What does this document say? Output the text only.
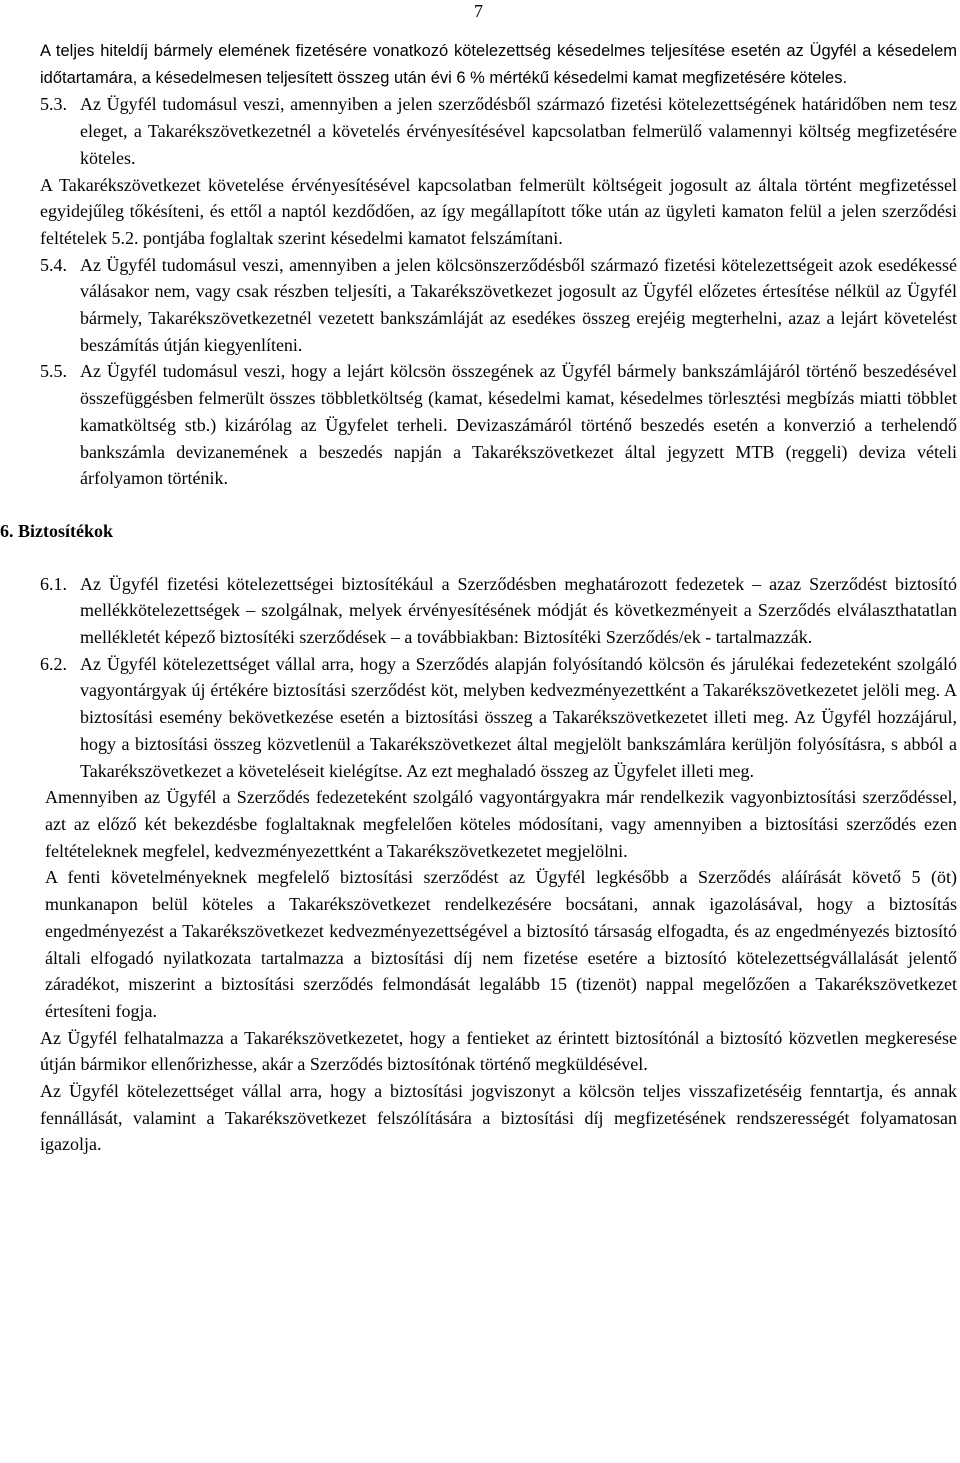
7

A teljes hiteldíj bármely elemének fizetésére vonatkozó kötelezettség késedelmes teljesítése esetén az Ügyfél a késedelem időtartamára, a késedelmesen teljesített összeg után évi 6 % mértékű késedelmi kamat megfizetésére köteles.

5.3. Az Ügyfél tudomásul veszi, amennyiben a jelen szerződésből származó fizetési kötelezettségének határidőben nem tesz eleget, a Takarékszövetkezetnél a követelés érvényesítésével kapcsolatban felmerülő valamennyi költség megfizetésére köteles.

A Takarékszövetkezet követelése érvényesítésével kapcsolatban felmerült költségeit jogosult az általa történt megfizetéssel egyidejűleg tőkésíteni, és ettől a naptól kezdődően, az így megállapított tőke után az ügyleti kamaton felül a jelen szerződési feltételek 5.2. pontjába foglaltak szerint késedelmi kamatot felszámítani.

5.4. Az Ügyfél tudomásul veszi, amennyiben a jelen kölcsönszerződésből származó fizetési kötelezettségeit azok esedékessé válásakor nem, vagy csak részben teljesíti, a Takarékszövetkezet jogosult az Ügyfél előzetes értesítése nélkül az Ügyfél bármely, Takarékszövetkezetnél vezetett bankszámláját az esedékes összeg erejéig megterhelni, azaz a lejárt követelést beszámítás útján kiegyenlíteni.

5.5. Az Ügyfél tudomásul veszi, hogy a lejárt kölcsön összegének az Ügyfél bármely bankszámlájáról történő beszedésével összefüggésben felmerült összes többletköltség (kamat, késedelmi kamat, késedelmes törlesztési megbízás miatti többlet kamatköltség stb.) kizárólag az Ügyfelet terheli. Devizaszámáról történő beszedés esetén a konverzió a terhelendő bankszámla devizanemének a beszedés napján a Takarékszövetkezet által jegyzett MTB (reggeli) deviza vételi árfolyamon történik.

6. Biztosítékok

6.1. Az Ügyfél fizetési kötelezettségei biztosítékául a Szerződésben meghatározott fedezetek – azaz Szerződést biztosító mellékkötelezettségek – szolgálnak, melyek érvényesítésének módját és következményeit a Szerződés elválaszthatatlan mellékletét képező biztosítéki szerződések – a továbbiakban: Biztosítéki Szerződés/ek - tartalmazzák.

6.2. Az Ügyfél kötelezettséget vállal arra, hogy a Szerződés alapján folyósítandó kölcsön és járulékai fedezeteként szolgáló vagyontárgyak új értékére biztosítási szerződést köt, melyben kedvezményezettként a Takarékszövetkezetet jelöli meg. A biztosítási esemény bekövetkezése esetén a biztosítási összeg a Takarékszövetkezetet illeti meg. Az Ügyfél hozzájárul, hogy a biztosítási összeg közvetlenül a Takarékszövetkezet által megjelölt bankszámlára kerüljön folyósításra, s abból a Takarékszövetkezet a követeléseit kielégítse. Az ezt meghaladó összeg az Ügyfelet illeti meg.

Amennyiben az Ügyfél a Szerződés fedezeteként szolgáló vagyontárgyakra már rendelkezik vagyonbiztosítási szerződéssel, azt az előző két bekezdésbe foglaltaknak megfelelően köteles módosítani, vagy amennyiben a biztosítási szerződés ezen feltételeknek megfelel, kedvezményezettként a Takarékszövetkezetet megjelölni.

A fenti követelményeknek megfelelő biztosítási szerződést az Ügyfél legkésőbb a Szerződés aláírását követő 5 (öt) munkanapon belül köteles a Takarékszövetkezet rendelkezésére bocsátani, annak igazolásával, hogy a biztosítás engedményezést a Takarékszövetkezet kedvezményezettségével a biztosító társaság elfogadta, és az engedményezés biztosító általi elfogadó nyilatkozata tartalmazza a biztosítási díj nem fizetése esetére a biztosító kötelezettségvállalását jelentő záradékot, miszerint a biztosítási szerződés felmondását legalább 15 (tizenöt) nappal megelőzően a Takarékszövetkezet értesíteni fogja.

Az Ügyfél felhatalmazza a Takarékszövetkezetet, hogy a fentieket az érintett biztosítónál a biztosító közvetlen megkeresése útján bármikor ellenőrizhesse, akár a Szerződés biztosítónak történő megküldésével.

Az Ügyfél kötelezettséget vállal arra, hogy a biztosítási jogviszonyt a kölcsön teljes visszafizetéséig fenntartja, és annak fennállását, valamint a Takarékszövetkezet felszólítására a biztosítási díj megfizetésének rendszerességét folyamatosan igazolja.
